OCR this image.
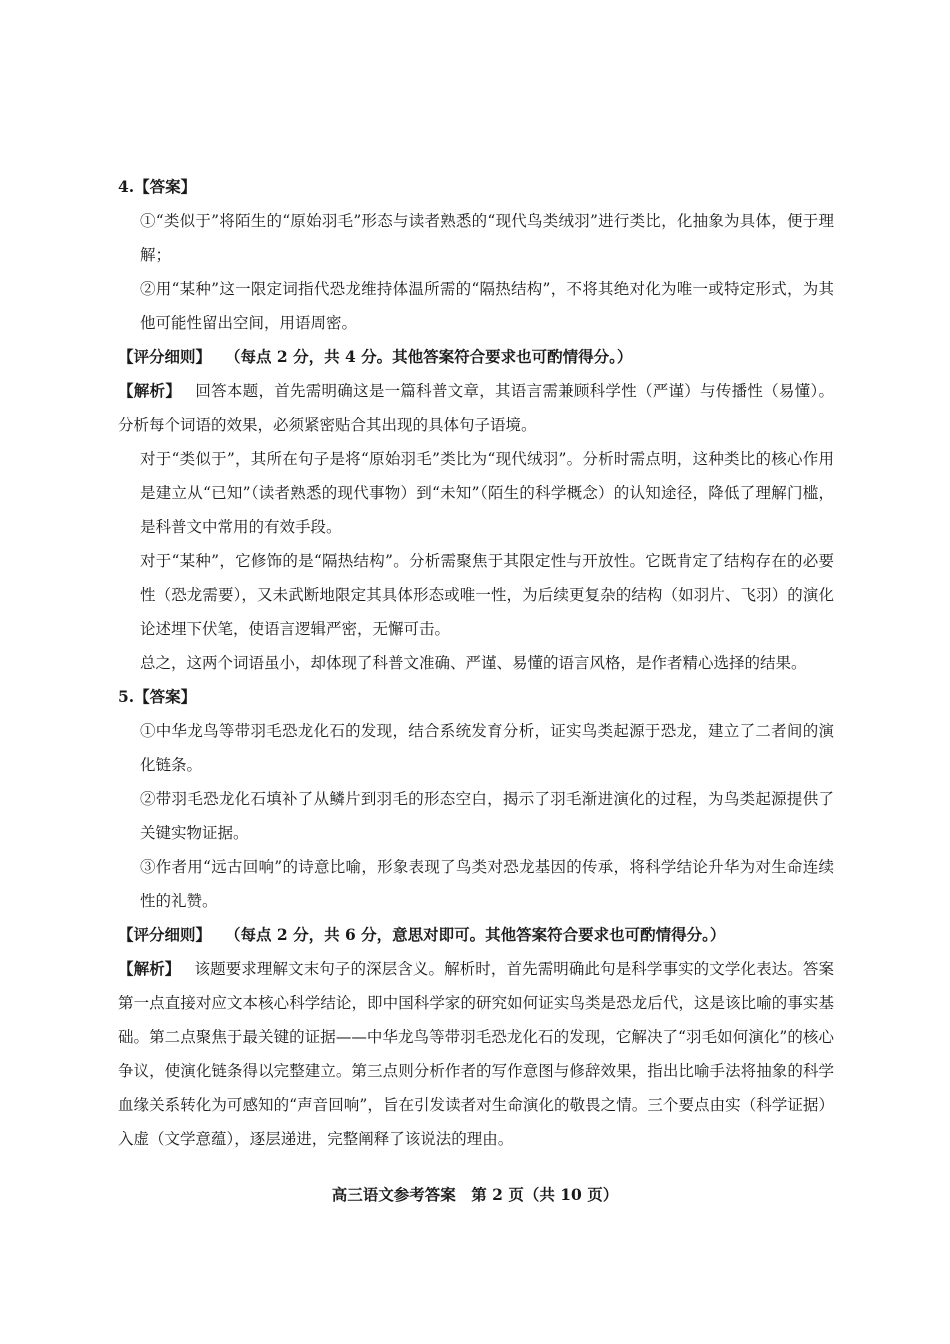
4.【答案】

①“类似于”将陌生的“原始羽毛”形态与读者熟悉的“现代鸟类绒羽”进行类比，化抽象为具体，便于理解；

②用“某种”这一限定词指代恐龙维持体温所需的“隔热结构”，不将其绝对化为唯一或特定形式，为其他可能性留出空间，用语周密。

【评分细则】 （每点 2 分，共 4 分。其他答案符合要求也可酌情得分。）

【解析】 回答本题，首先需明确这是一篇科普文章，其语言需兼顾科学性（严谨）与传播性（易懂）。分析每个词语的效果，必须紧密贴合其出现的具体句子语境。

对于“类似于”，其所在句子是将“原始羽毛”类比为“现代绒羽”。分析时需点明，这种类比的核心作用是建立从“已知”（读者熟悉的现代事物）到“未知”（陌生的科学概念）的认知途径，降低了理解门槛，是科普文中常用的有效手段。

对于“某种”，它修饰的是“隔热结构”。分析需聚焦于其限定性与开放性。它既肯定了结构存在的必要性（恐龙需要），又未武断地限定其具体形态或唯一性，为后续更复杂的结构（如羽片、飞羽）的演化论述埋下伏笔，使语言逻辑严密，无懈可击。

总之，这两个词语虽小，却体现了科普文准确、严谨、易懂的语言风格，是作者精心选择的结果。

5.【答案】

①中华龙鸟等带羽毛恐龙化石的发现，结合系统发育分析，证实鸟类起源于恐龙，建立了二者间的演化链条。

②带羽毛恐龙化石填补了从鳞片到羽毛的形态空白，揭示了羽毛渐进演化的过程，为鸟类起源提供了关键实物证据。

③作者用“远古回响”的诗意比喻，形象表现了鸟类对恐龙基因的传承，将科学结论升华为对生命连续性的礼赞。

【评分细则】 （每点 2 分，共 6 分，意思对即可。其他答案符合要求也可酌情得分。）

【解析】 该题要求理解文末句子的深层含义。解析时，首先需明确此句是科学事实的文学化表达。答案第一点直接对应文本核心科学结论，即中国科学家的研究如何证实鸟类是恐龙后代，这是该比喻的事实基础。第二点聚焦于最关键的证据——中华龙鸟等带羽毛恐龙化石的发现，它解决了“羽毛如何演化”的核心争议，使演化链条得以完整建立。第三点则分析作者的写作意图与修辞效果，指出比喻手法将抽象的科学血缘关系转化为可感知的“声音回响”，旨在引发读者对生命演化的敬畏之情。三个要点由实（科学证据）入虚（文学意蕴），逐层递进，完整阐释了该说法的理由。

高三语文参考答案　第 2 页（共 10 页）
